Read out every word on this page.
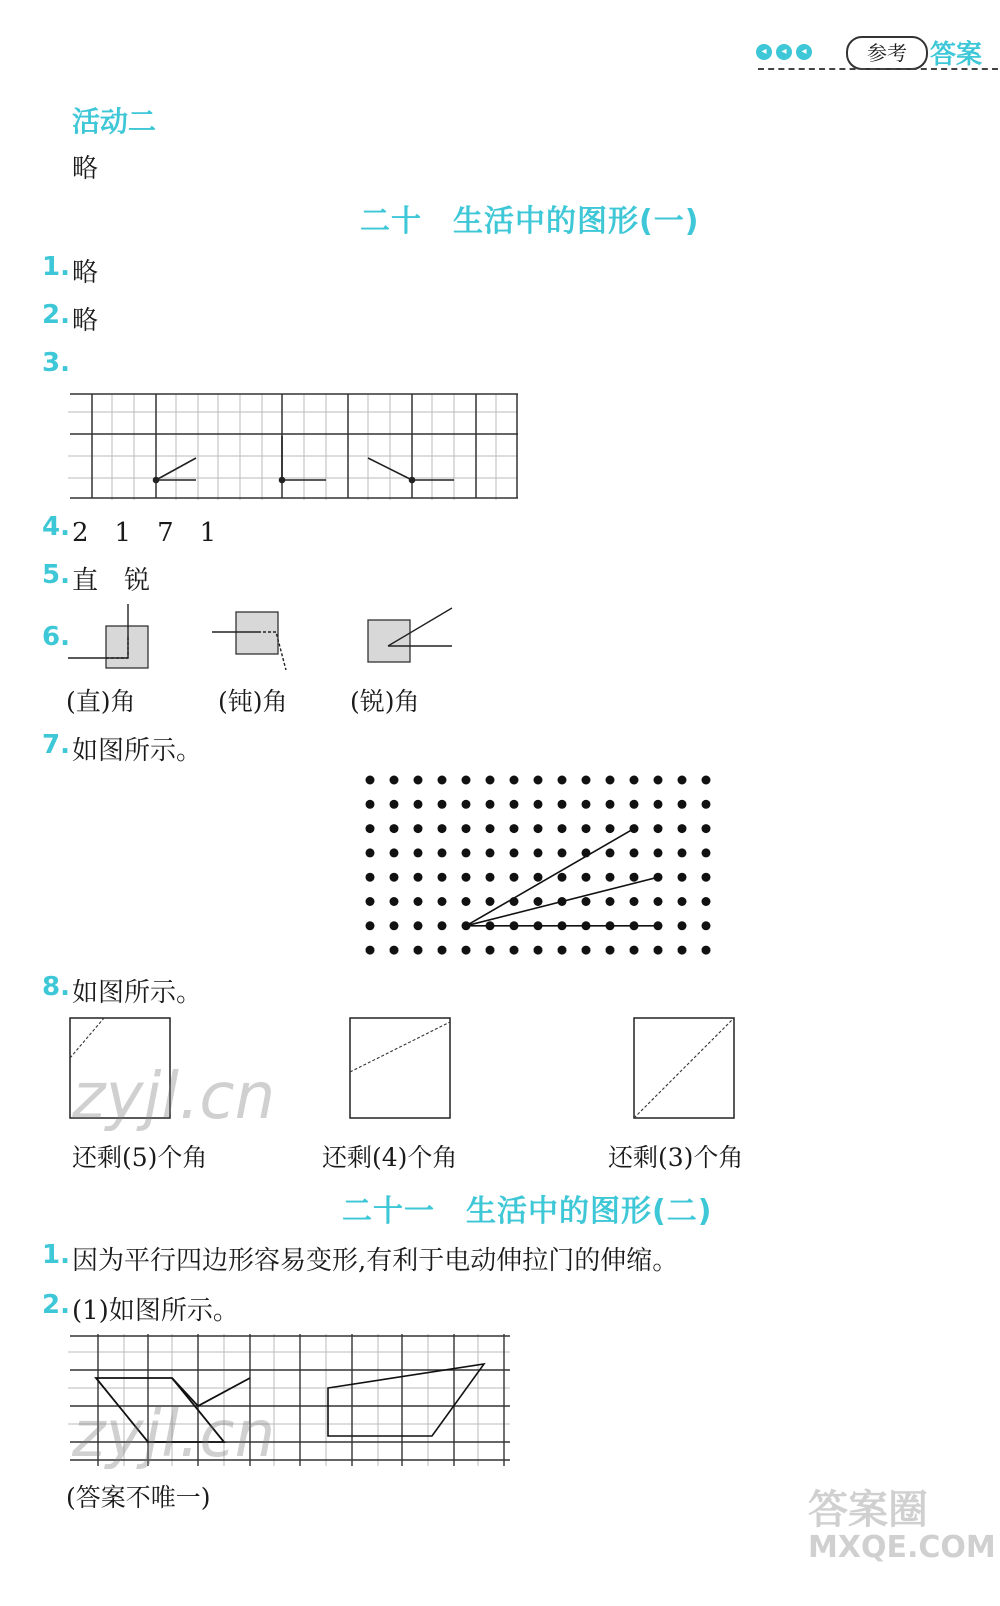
◂	◂	◂	参考 答案
活动二
略
二十　生活中的图形(一)
1. 略
2. 略
3.
4. 2　1　7　1
5. 直　锐
6.
(直)角	(钝)角 (锐)角
7. 如图所示。
8. 如图所示。
还剩(5)个角	还剩(4)个角	还剩(3)个角
二十一　生活中的图形(二)
1. 因为平行四边形容易变形,有利于电动伸拉门的伸缩。
2. (1)如图所示。
(答案不唯一)
zyjl.cn
zyjl.cn
答案圈
MXQE.COM
